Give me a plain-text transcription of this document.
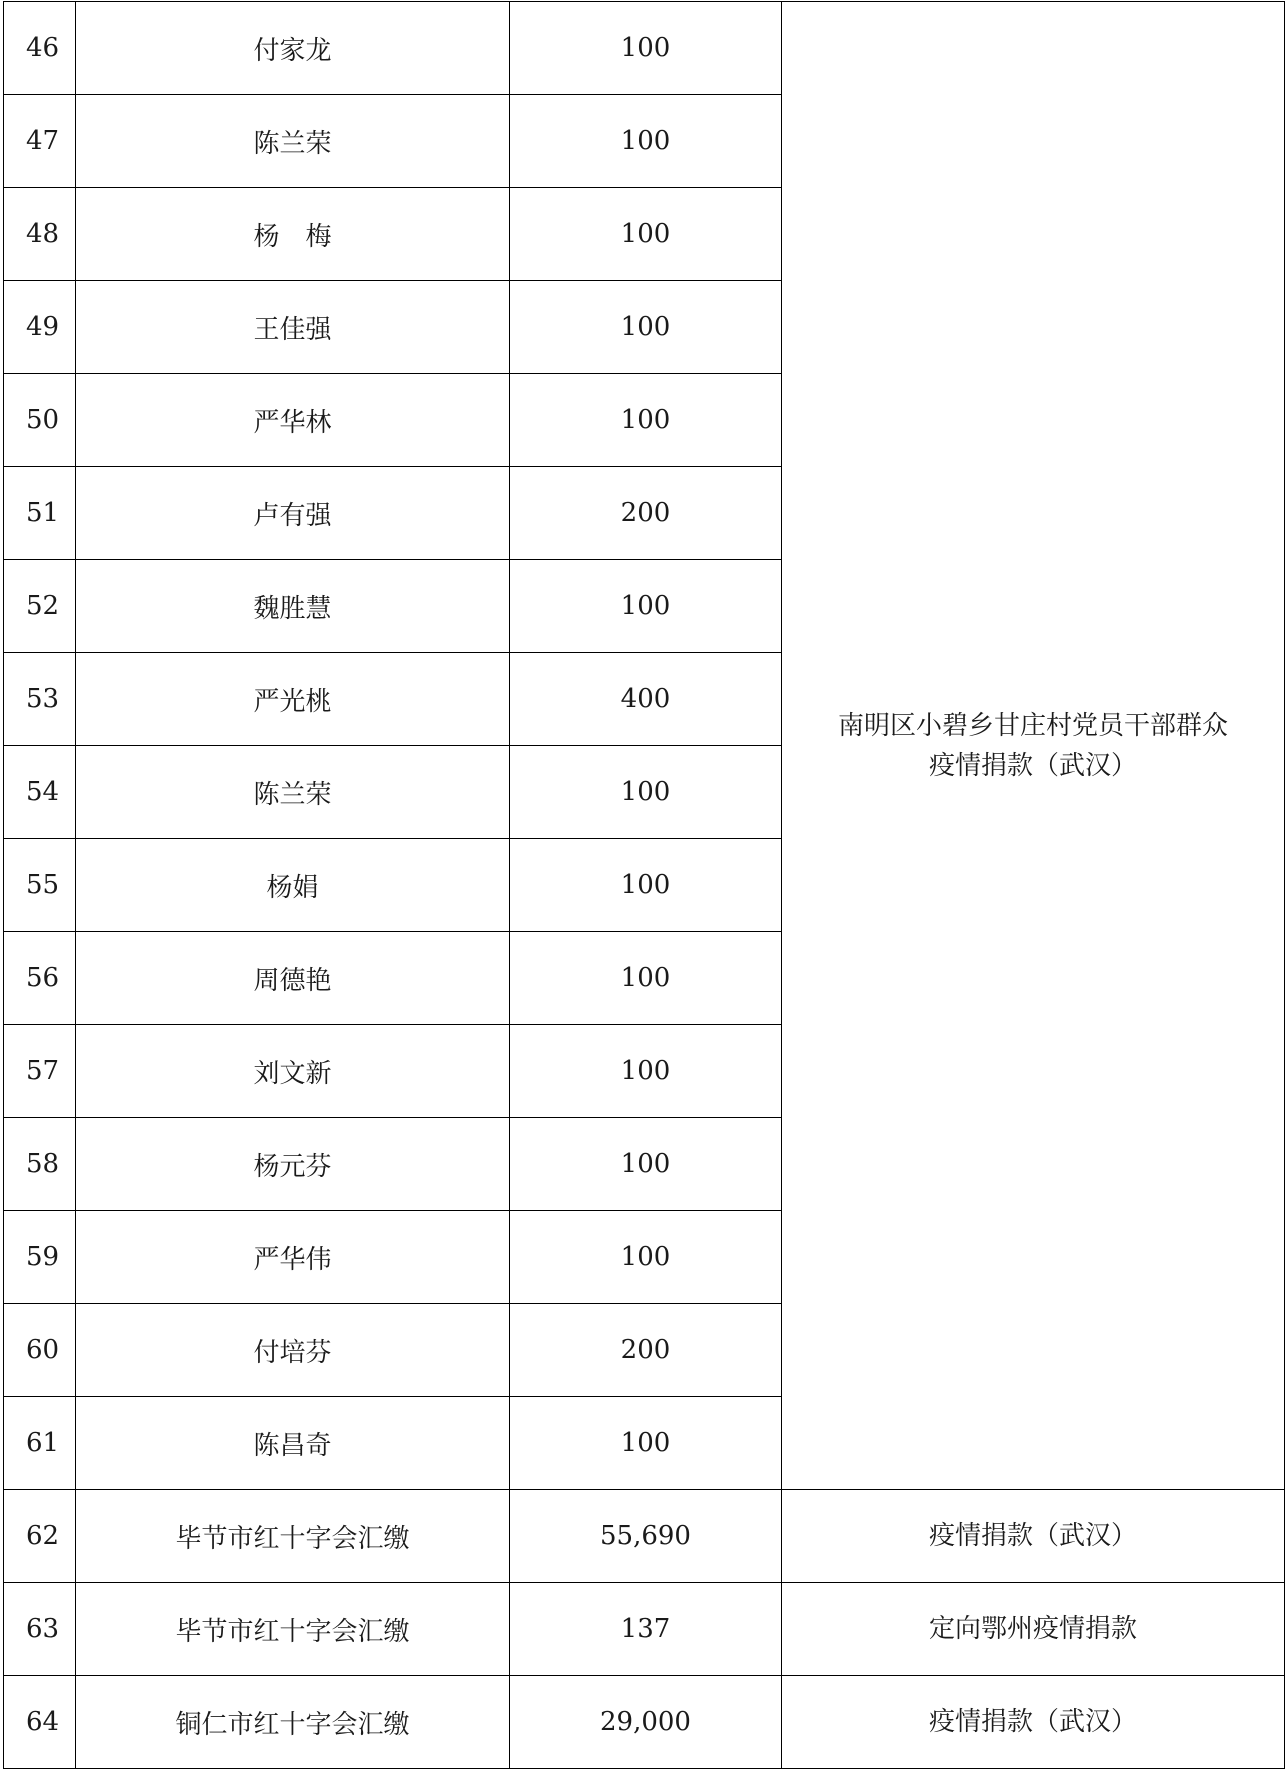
46	付家龙	100	南明区小碧乡甘庄村党员干部群众
疫情捐款（武汉）

47	陈兰荣	100	
48	杨　梅	100	
49	王佳强	100	
50	严华林	100	
51	卢有强	200	
52	魏胜慧	100	
53	严光桃	400	
54	陈兰荣	100	
55	杨娟	100	
56	周德艳	100	
57	刘文新	100	
58	杨元芬	100	
59	严华伟	100	
60	付培芬	200	
61	陈昌奇	100	
62	毕节市红十字会汇缴	55,690	疫情捐款（武汉）
63	毕节市红十字会汇缴	137	定向鄂州疫情捐款
64	铜仁市红十字会汇缴	29,000	疫情捐款（武汉）
